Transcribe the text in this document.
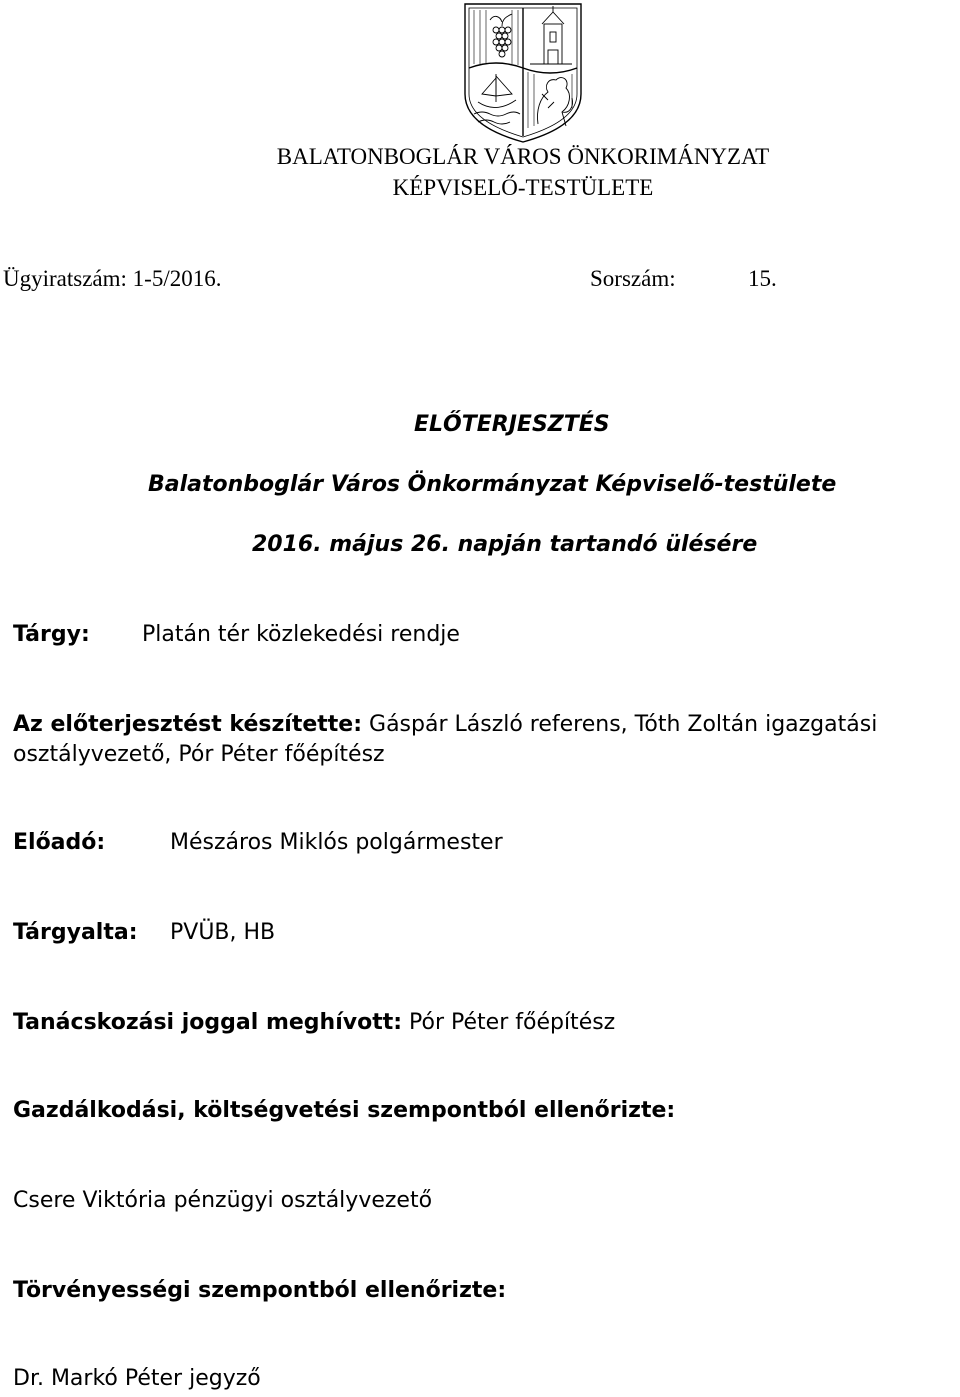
BALATONBOGLÁR VÁROS ÖNKORIMÁNYZAT
KÉPVISELŐ-TESTÜLETE
Ügyiratszám: 1-5/2016.	Sorszám:	15.
ELŐTERJESZTÉS
Balatonboglár Város Önkormányzat Képviselő-testülete
2016. május 26. napján tartandó ülésére
Tárgy: Platán tér közlekedési rendje
Az előterjesztést készítette: Gáspár László referens, Tóth Zoltán igazgatási
osztályvezető, Pór Péter főépítész
Előadó:	Mészáros Miklós polgármester
Tárgyalta: PVÜB, HB
Tanácskozási joggal meghívott: Pór Péter főépítész
Gazdálkodási, költségvetési szempontból ellenőrizte:
Csere Viktória pénzügyi osztályvezető
Törvényességi szempontból ellenőrizte:
Dr. Markó Péter jegyző
